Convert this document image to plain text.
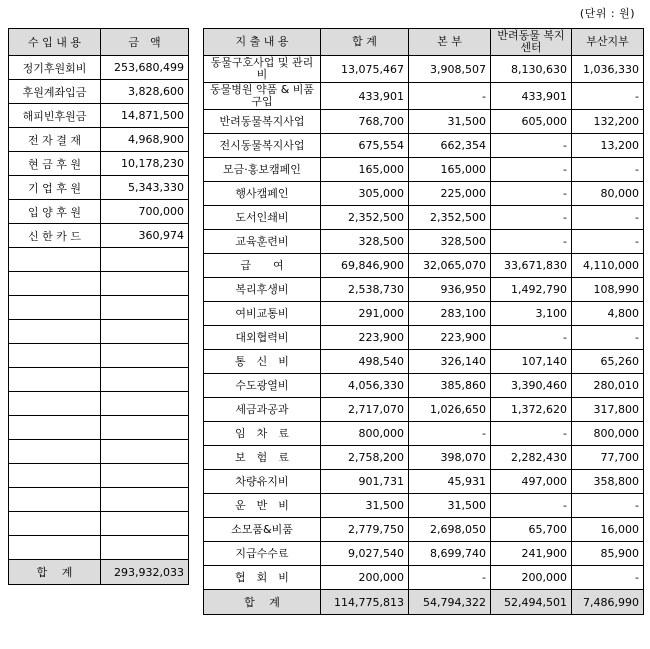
(단위 : 원)
수 입 내 용	금　액
정기후원회비	253,680,499
후원계좌입금	3,828,600
해피빈후원금	14,871,500
전 자 결 재	4,968,900
현 금 후 원	10,178,230
기 업 후 원	5,343,330
입 양 후 원	700,000
신 한 카 드	360,974

합　 계	293,932,033
지 출 내 용	합 계	본 부	반려동물 복지센터	부산지부
동물구호사업 및 관리비	13,075,467	3,908,507	8,130,630	1,036,330
동물병원 약품 & 비품 구입	433,901	-	433,901	-
반려동물복지사업	768,700	31,500	605,000	132,200
전시동물복지사업	675,554	662,354	-	13,200
모금·홍보캠페인	165,000	165,000	-	-
행사캠페인	305,000	225,000	-	80,000
도서인쇄비	2,352,500	2,352,500	-	-
교육훈련비	328,500	328,500	-	-
급　　여	69,846,900	32,065,070	33,671,830	4,110,000
복리후생비	2,538,730	936,950	1,492,790	108,990
여비교통비	291,000	283,100	3,100	4,800
대외협력비	223,900	223,900	-	-
통　신　비	498,540	326,140	107,140	65,260
수도광열비	4,056,330	385,860	3,390,460	280,010
세금과공과	2,717,070	1,026,650	1,372,620	317,800
임　차　료	800,000	-	-	800,000
보　험　료	2,758,200	398,070	2,282,430	77,700
차량유지비	901,731	45,931	497,000	358,800
운　반　비	31,500	31,500	-	-
소모품&비품	2,779,750	2,698,050	65,700	16,000
지급수수료	9,027,540	8,699,740	241,900	85,900
협　회　비	200,000	-	200,000	-
합　 계	114,775,813	54,794,322	52,494,501	7,486,990
